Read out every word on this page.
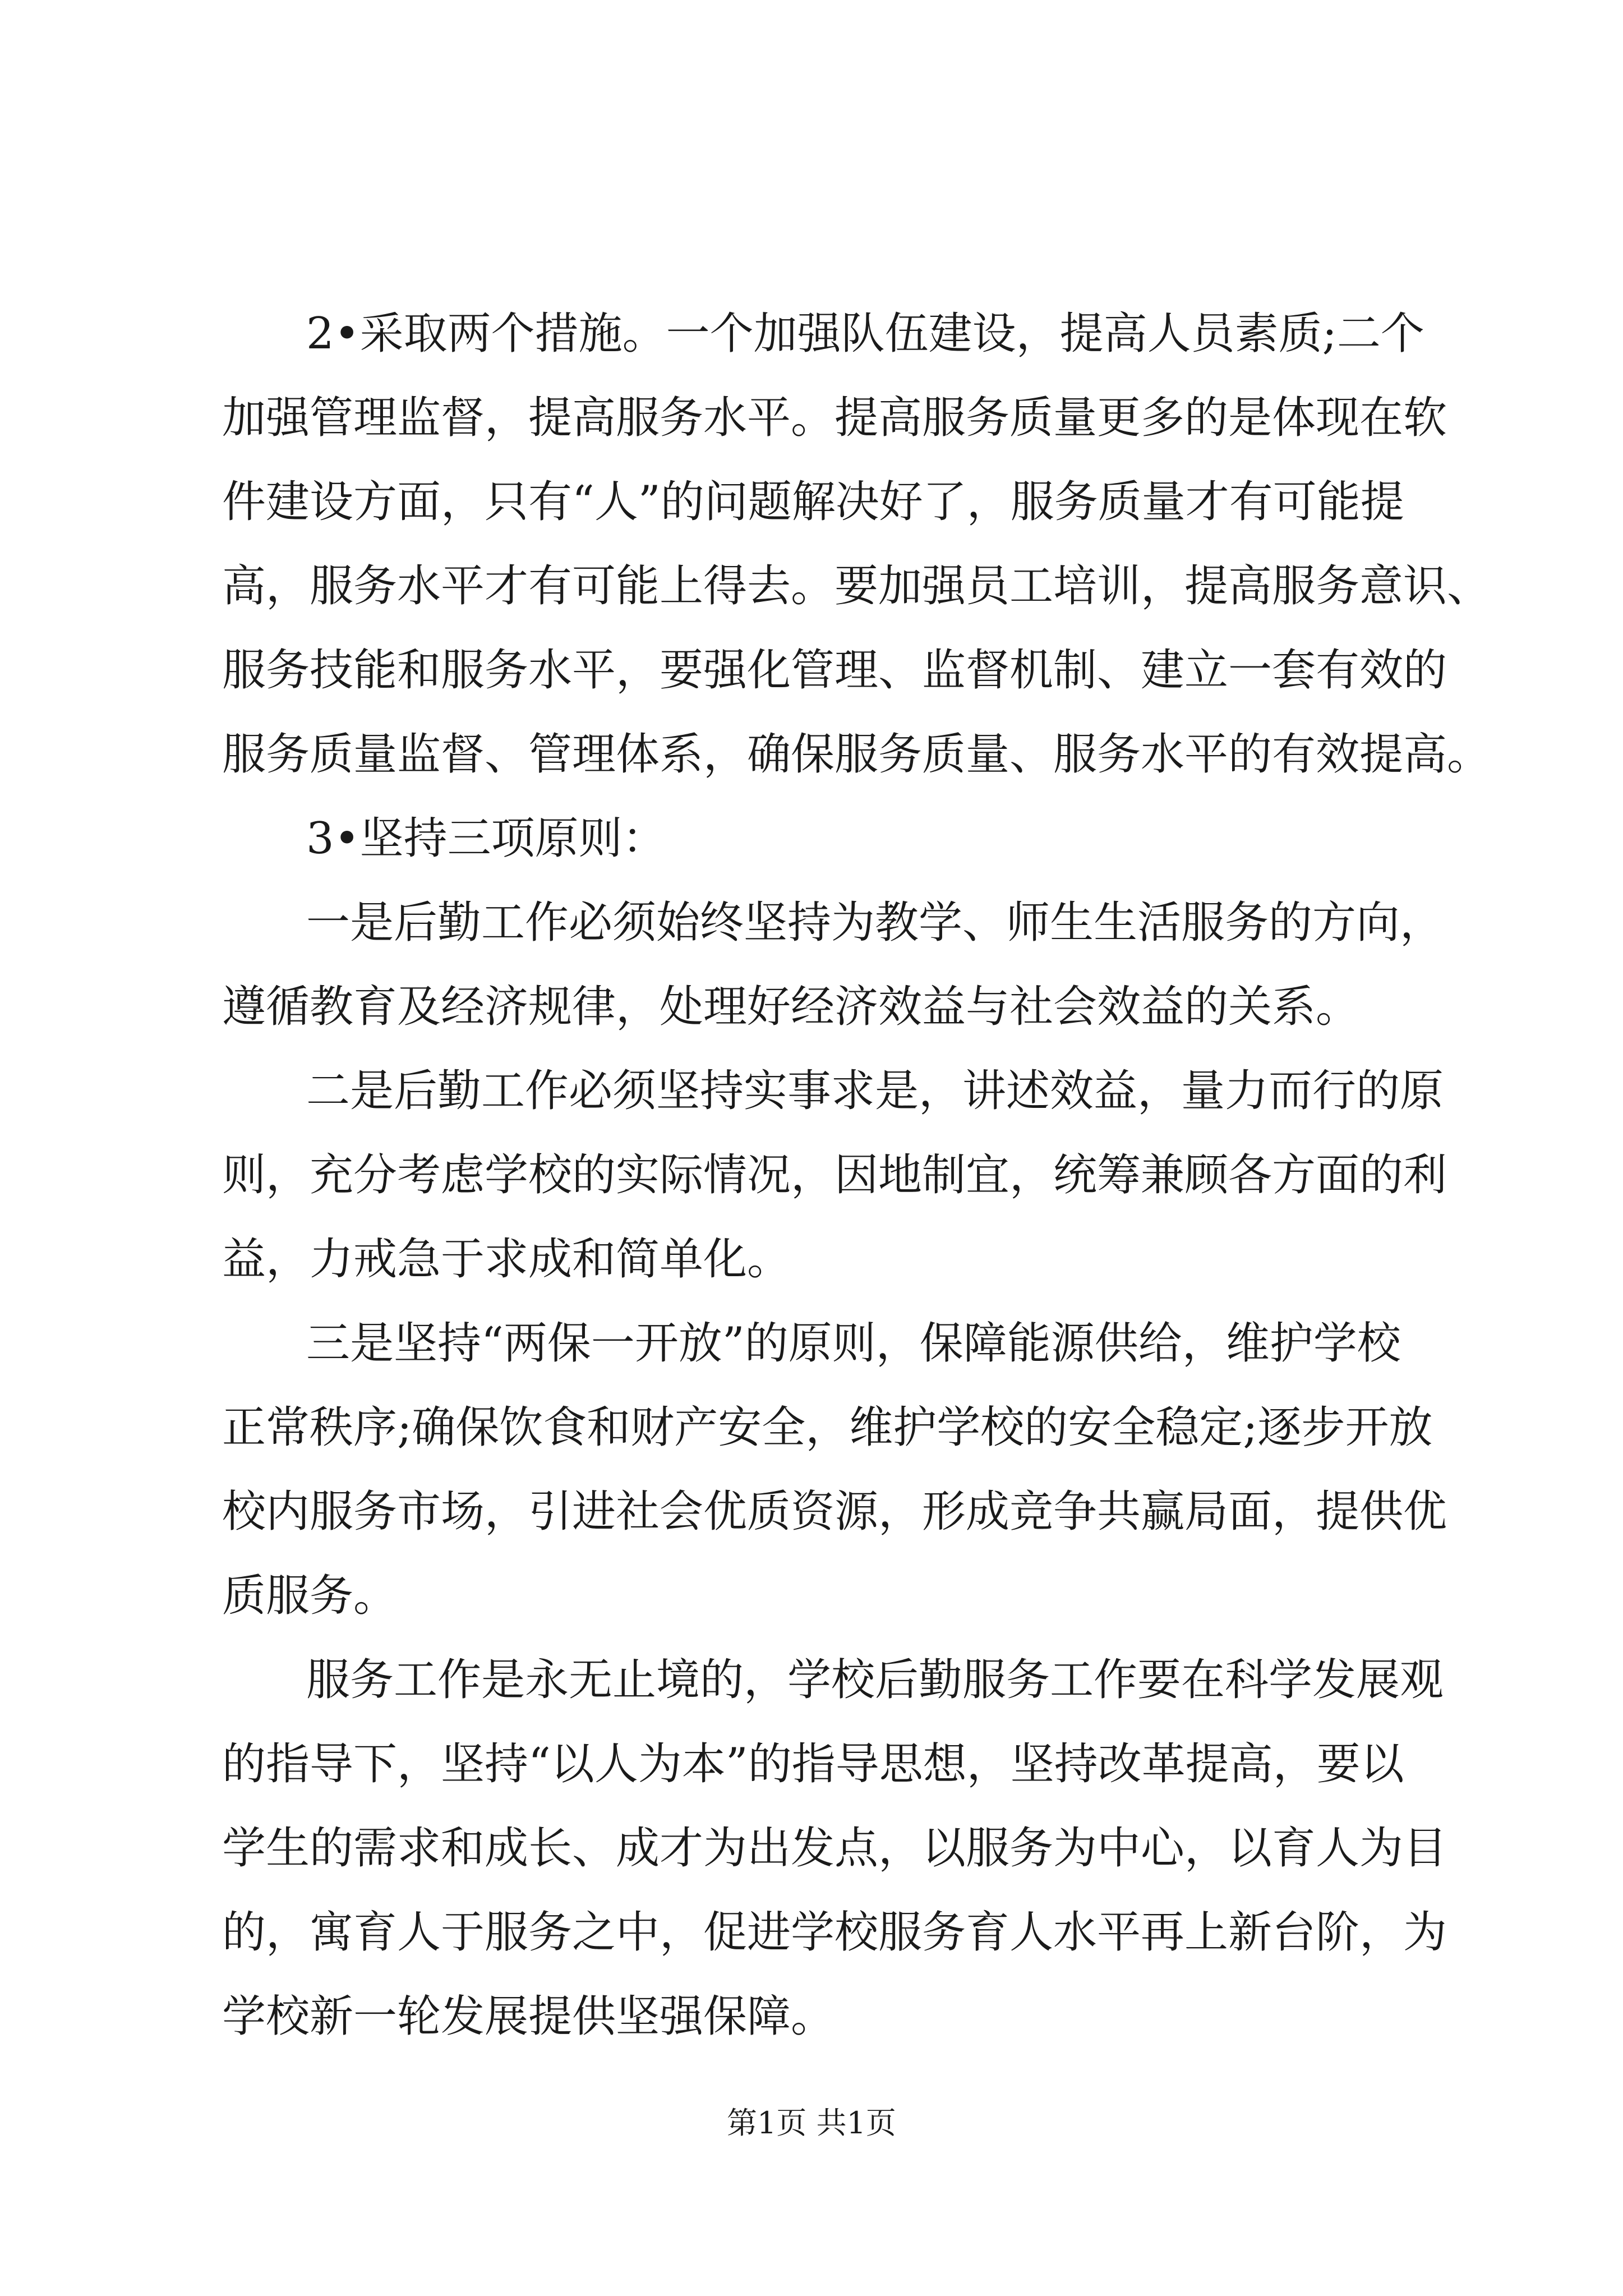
2•采取两个措施。一个加强队伍建设，提高人员素质;二个
加强管理监督，提高服务水平。提高服务质量更多的是体现在软
件建设方面，只有“人”的问题解决好了，服务质量才有可能提
高，服务水平才有可能上得去。要加强员工培训，提高服务意识、
服务技能和服务水平，要强化管理、监督机制、建立一套有效的
服务质量监督、管理体系，确保服务质量、服务水平的有效提高。
3•坚持三项原则：
一是后勤工作必须始终坚持为教学、师生生活服务的方向，
遵循教育及经济规律，处理好经济效益与社会效益的关系。
二是后勤工作必须坚持实事求是，讲述效益，量力而行的原
则，充分考虑学校的实际情况，因地制宜，统筹兼顾各方面的利
益，力戒急于求成和简单化。
三是坚持“两保一开放”的原则，保障能源供给，维护学校
正常秩序;确保饮食和财产安全，维护学校的安全稳定;逐步开放
校内服务市场，引进社会优质资源，形成竞争共赢局面，提供优
质服务。
服务工作是永无止境的，学校后勤服务工作要在科学发展观
的指导下，坚持“以人为本”的指导思想，坚持改革提高，要以
学生的需求和成长、成才为出发点，以服务为中心，以育人为目
的，寓育人于服务之中，促进学校服务育人水平再上新台阶，为
学校新一轮发展提供坚强保障。
第1页 共1页
